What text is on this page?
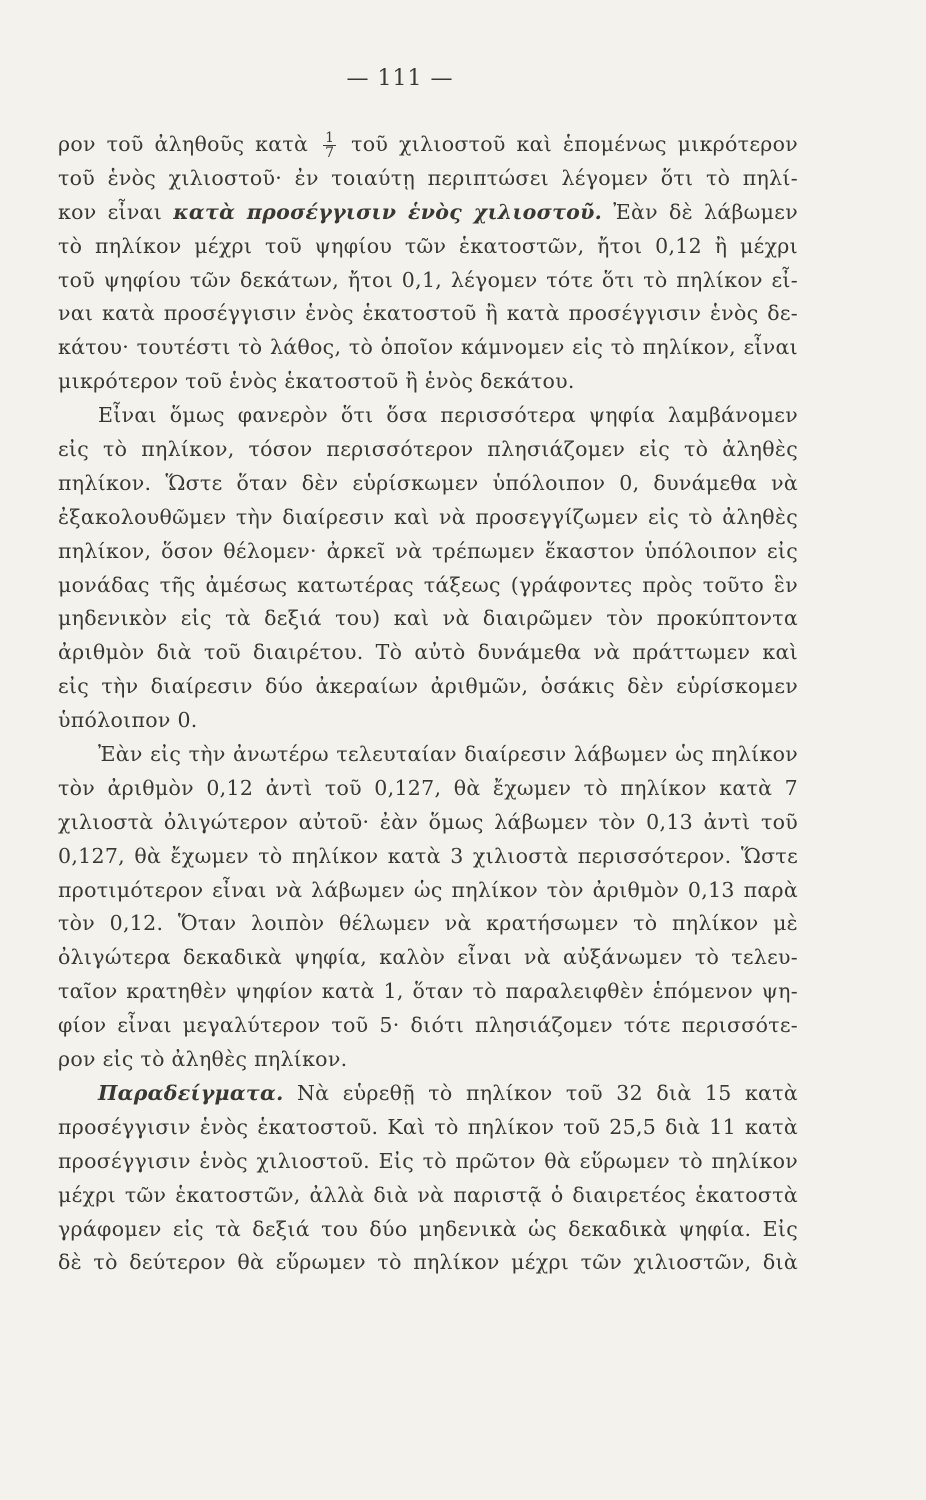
— 111 —
ρον τοῦ ἀληθοῦς κατὰ $\frac{1}{7}$ τοῦ χιλιοστοῦ καὶ ἑπομένως μικρότερον
τοῦ ἑνὸς χιλιοστοῦ· ἐν τοιαύτῃ περιπτώσει λέγομεν ὅτι τὸ πηλί-
κον εἶναι κατὰ προσέγγισιν ἑνὸς χιλιοστοῦ. Ἐὰν δὲ λάβωμεν
τὸ πηλίκον μέχρι τοῦ ψηφίου τῶν ἑκατοστῶν, ἤτοι 0,12 ἢ μέχρι
τοῦ ψηφίου τῶν δεκάτων, ἤτοι 0,1, λέγομεν τότε ὅτι τὸ πηλίκον εἶ-
ναι κατὰ προσέγγισιν ἑνὸς ἑκατοστοῦ ἢ κατὰ προσέγγισιν ἑνὸς δε-
κάτου· τουτέστι τὸ λάθος, τὸ ὁποῖον κάμνομεν εἰς τὸ πηλίκον, εἶναι
μικρότερον τοῦ ἑνὸς ἑκατοστοῦ ἢ ἑνὸς δεκάτου.
Εἶναι ὅμως φανερὸν ὅτι ὅσα περισσότερα ψηφία λαμβάνομεν
εἰς τὸ πηλίκον, τόσον περισσότερον πλησιάζομεν εἰς τὸ ἀληθὲς
πηλίκον. Ὥστε ὅταν δὲν εὑρίσκωμεν ὑπόλοιπον 0, δυνάμεθα νὰ
ἐξακολουθῶμεν τὴν διαίρεσιν καὶ νὰ προσεγγίζωμεν εἰς τὸ ἀληθὲς
πηλίκον, ὅσον θέλομεν· ἀρκεῖ νὰ τρέπωμεν ἕκαστον ὑπόλοιπον εἰς
μονάδας τῆς ἀμέσως κατωτέρας τάξεως (γράφοντες πρὸς τοῦτο ἓν
μηδενικὸν εἰς τὰ δεξιά του) καὶ νὰ διαιρῶμεν τὸν προκύπτοντα
ἀριθμὸν διὰ τοῦ διαιρέτου. Τὸ αὐτὸ δυνάμεθα νὰ πράττωμεν καὶ
εἰς τὴν διαίρεσιν δύο ἀκεραίων ἀριθμῶν, ὁσάκις δὲν εὑρίσκομεν
ὑπόλοιπον 0.
Ἐὰν εἰς τὴν ἀνωτέρω τελευταίαν διαίρεσιν λάβωμεν ὡς πηλίκον
τὸν ἀριθμὸν 0,12 ἀντὶ τοῦ 0,127, θὰ ἔχωμεν τὸ πηλίκον κατὰ 7
χιλιοστὰ ὀλιγώτερον αὐτοῦ· ἐὰν ὅμως λάβωμεν τὸν 0,13 ἀντὶ τοῦ
0,127, θὰ ἔχωμεν τὸ πηλίκον κατὰ 3 χιλιοστὰ περισσότερον. Ὥστε
προτιμότερον εἶναι νὰ λάβωμεν ὡς πηλίκον τὸν ἀριθμὸν 0,13 παρὰ
τὸν 0,12. Ὅταν λοιπὸν θέλωμεν νὰ κρατήσωμεν τὸ πηλίκον μὲ
ὀλιγώτερα δεκαδικὰ ψηφία, καλὸν εἶναι νὰ αὐξάνωμεν τὸ τελευ-
ταῖον κρατηθὲν ψηφίον κατὰ 1, ὅταν τὸ παραλειφθὲν ἑπόμενον ψη-
φίον εἶναι μεγαλύτερον τοῦ 5· διότι πλησιάζομεν τότε περισσότε-
ρον εἰς τὸ ἀληθὲς πηλίκον.
Παραδείγματα. Νὰ εὑρεθῇ τὸ πηλίκον τοῦ 32 διὰ 15 κατὰ
προσέγγισιν ἑνὸς ἑκατοστοῦ. Καὶ τὸ πηλίκον τοῦ 25,5 διὰ 11 κατὰ
προσέγγισιν ἑνὸς χιλιοστοῦ. Εἰς τὸ πρῶτον θὰ εὕρωμεν τὸ πηλίκον
μέχρι τῶν ἑκατοστῶν, ἀλλὰ διὰ νὰ παριστᾷ ὁ διαιρετέος ἑκατοστὰ
γράφομεν εἰς τὰ δεξιά του δύο μηδενικὰ ὡς δεκαδικὰ ψηφία. Εἰς
δὲ τὸ δεύτερον θὰ εὕρωμεν τὸ πηλίκον μέχρι τῶν χιλιοστῶν, διὰ
